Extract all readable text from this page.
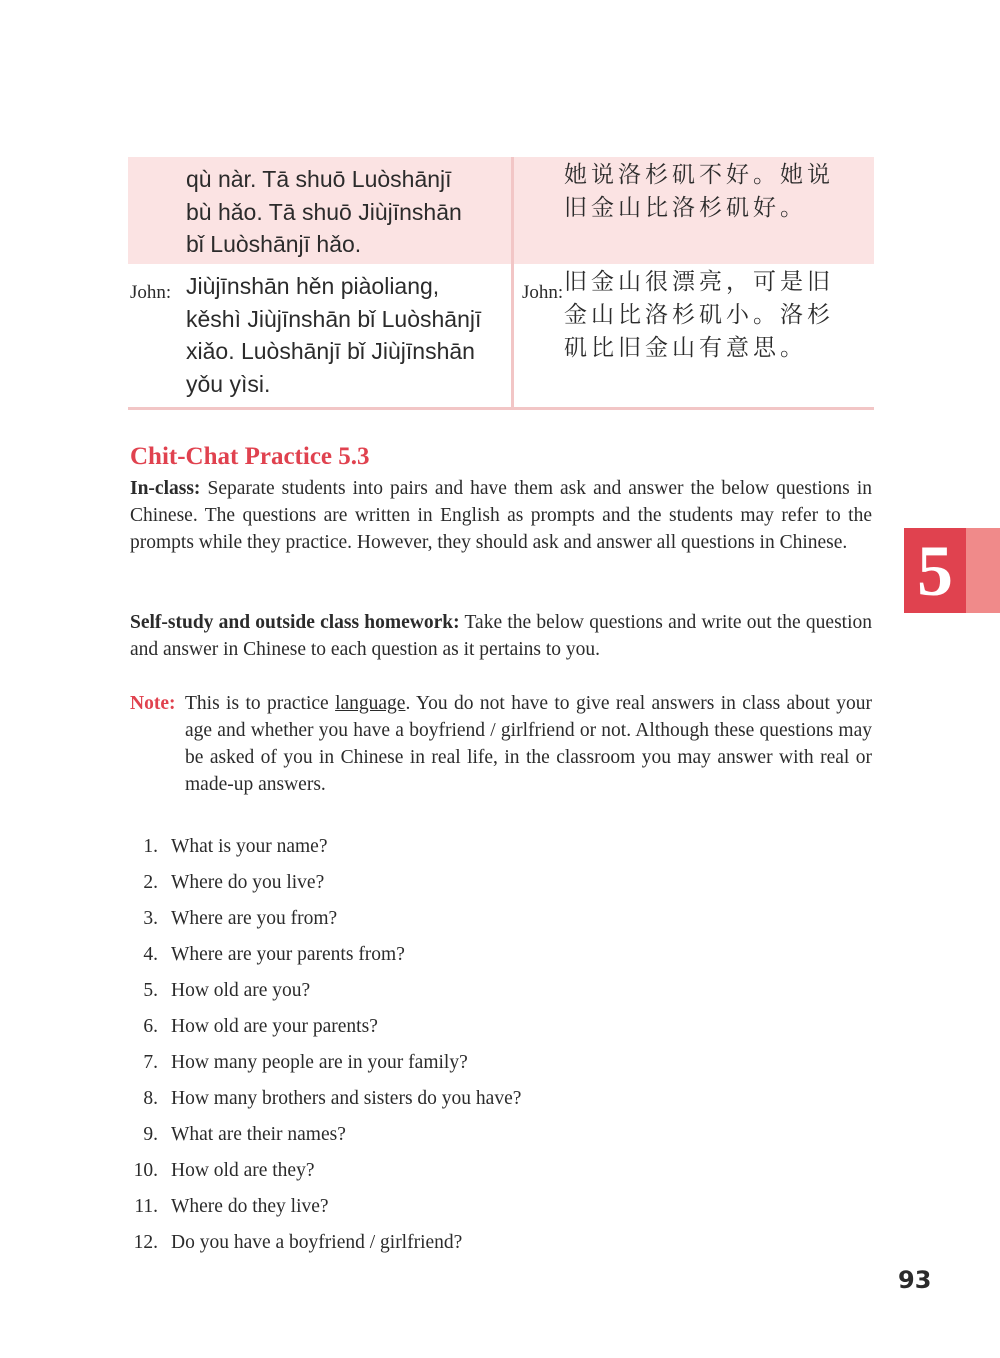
qù nàr. Tā shuō Luòshānjī
bù hǎo. Tā shuō Jiùjīnshān
bǐ Luòshānjī hǎo.
她说洛杉矶不好。她说
旧金山比洛杉矶好。
John: Jiùjīnshān hěn piàoliang,
kěshì Jiùjīnshān bǐ Luòshānjī
xiǎo. Luòshānjī bǐ Jiùjīnshān
yǒu yìsi.
John: 旧金山很漂亮，可是旧
金山比洛杉矶小。洛杉
矶比旧金山有意思。
Chit-Chat Practice 5.3
In-class: Separate students into pairs and have them ask and answer the below questions in Chinese. The questions are written in English as prompts and the students may refer to the prompts while they practice. However, they should ask and answer all questions in Chinese.
Self-study and outside class homework: Take the below questions and write out the question and answer in Chinese to each question as it pertains to you.
Note: This is to practice language. You do not have to give real answers in class about your age and whether you have a boyfriend / girlfriend or not. Although these questions may be asked of you in Chinese in real life, in the classroom you may answer with real or made-up answers.
1. What is your name?
2. Where do you live?
3. Where are you from?
4. Where are your parents from?
5. How old are you?
6. How old are your parents?
7. How many people are in your family?
8. How many brothers and sisters do you have?
9. What are their names?
10. How old are they?
11. Where do they live?
12. Do you have a boyfriend / girlfriend?
5
93
